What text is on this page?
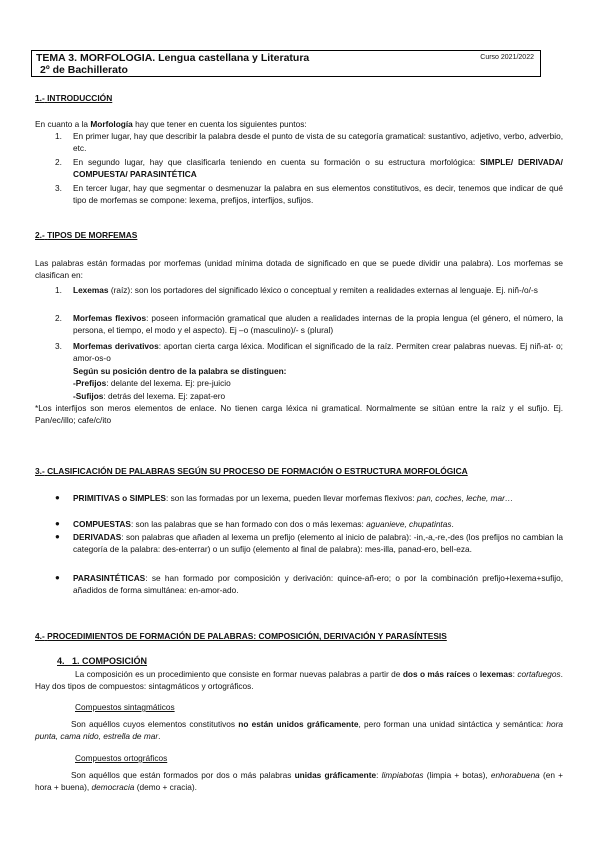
TEMA 3. MORFOLOGIA. Lengua castellana y Literatura
2º de Bachillerato
Curso 2021/2022
1.- INTRODUCCIÓN
En cuanto a la Morfología hay que tener en cuenta los siguientes puntos:
1. En primer lugar, hay que describir la palabra desde el punto de vista de su categoría gramatical: sustantivo, adjetivo, verbo, adverbio, etc.
2. En segundo lugar, hay que clasificarla teniendo en cuenta su formación o su estructura morfológica: SIMPLE/ DERIVADA/ COMPUESTA/ PARASINTÉTICA
3. En tercer lugar, hay que segmentar o desmenuzar la palabra en sus elementos constitutivos, es decir, tenemos que indicar de qué tipo de morfemas se compone: lexema, prefijos, interfijos, sufijos.
2.- TIPOS DE MORFEMAS
Las palabras están formadas por morfemas (unidad mínima dotada de significado en que se puede dividir una palabra). Los morfemas se clasifican en:
1. Lexemas (raíz): son los portadores del significado léxico o conceptual y remiten a realidades externas al lenguaje. Ej. niñ-/o/-s
2. Morfemas flexivos: poseen información gramatical que aluden a realidades internas de la propia lengua (el género, el número, la persona, el tiempo, el modo y el aspecto). Ej –o (masculino)/- s (plural)
3. Morfemas derivativos: aportan cierta carga léxica. Modifican el significado de la raíz. Permiten crear palabras nuevas. Ej niñ-at- o; amor-os-o
Según su posición dentro de la palabra se distinguen:
-Prefijos: delante del lexema. Ej: pre-juicio
-Sufijos: detrás del lexema. Ej: zapat-ero
*Los interfijos son meros elementos de enlace. No tienen carga léxica ni gramatical. Normalmente se sitúan entre la raíz y el sufijo. Ej. Pan/ec/illo; cafe/c/ito
3.- CLASIFICACIÓN DE PALABRAS SEGÚN SU PROCESO DE FORMACIÓN O ESTRUCTURA MORFOLÓGICA
● PRIMITIVAS o SIMPLES: son las formadas por un lexema, pueden llevar morfemas flexivos: pan, coches, leche, mar…
● COMPUESTAS: son las palabras que se han formado con dos o más lexemas: aguanieve, chupatintas.
● DERIVADAS: son palabras que añaden al lexema un prefijo (elemento al inicio de palabra): -in,-a,-re,-des (los prefijos no cambian la categoría de la palabra: des-enterrar) o un sufijo (elemento al final de palabra): mes-illa, panad-ero, bell-eza.
● PARASINTÉTICAS: se han formado por composición y derivación: quince-añ-ero; o por la combinación prefijo+lexema+sufijo, añadidos de forma simultánea: en-amor-ado.
4.- PROCEDIMIENTOS DE FORMACIÓN DE PALABRAS: COMPOSICIÓN, DERIVACIÓN Y PARASÍNTESIS
4. 1. COMPOSICIÓN
La composición es un procedimiento que consiste en formar nuevas palabras a partir de dos o más raíces o lexemas: cortafuegos. Hay dos tipos de compuestos: sintagmáticos y ortográficos.
Compuestos sintagmáticos
Son aquéllos cuyos elementos constitutivos no están unidos gráficamente, pero forman una unidad sintáctica y semántica: hora punta, cama nido, estrella de mar.
Compuestos ortográficos
Son aquéllos que están formados por dos o más palabras unidas gráficamente: limpiabotas (limpia + botas), enhorabuena (en + hora + buena), democracia (demo + cracia).
